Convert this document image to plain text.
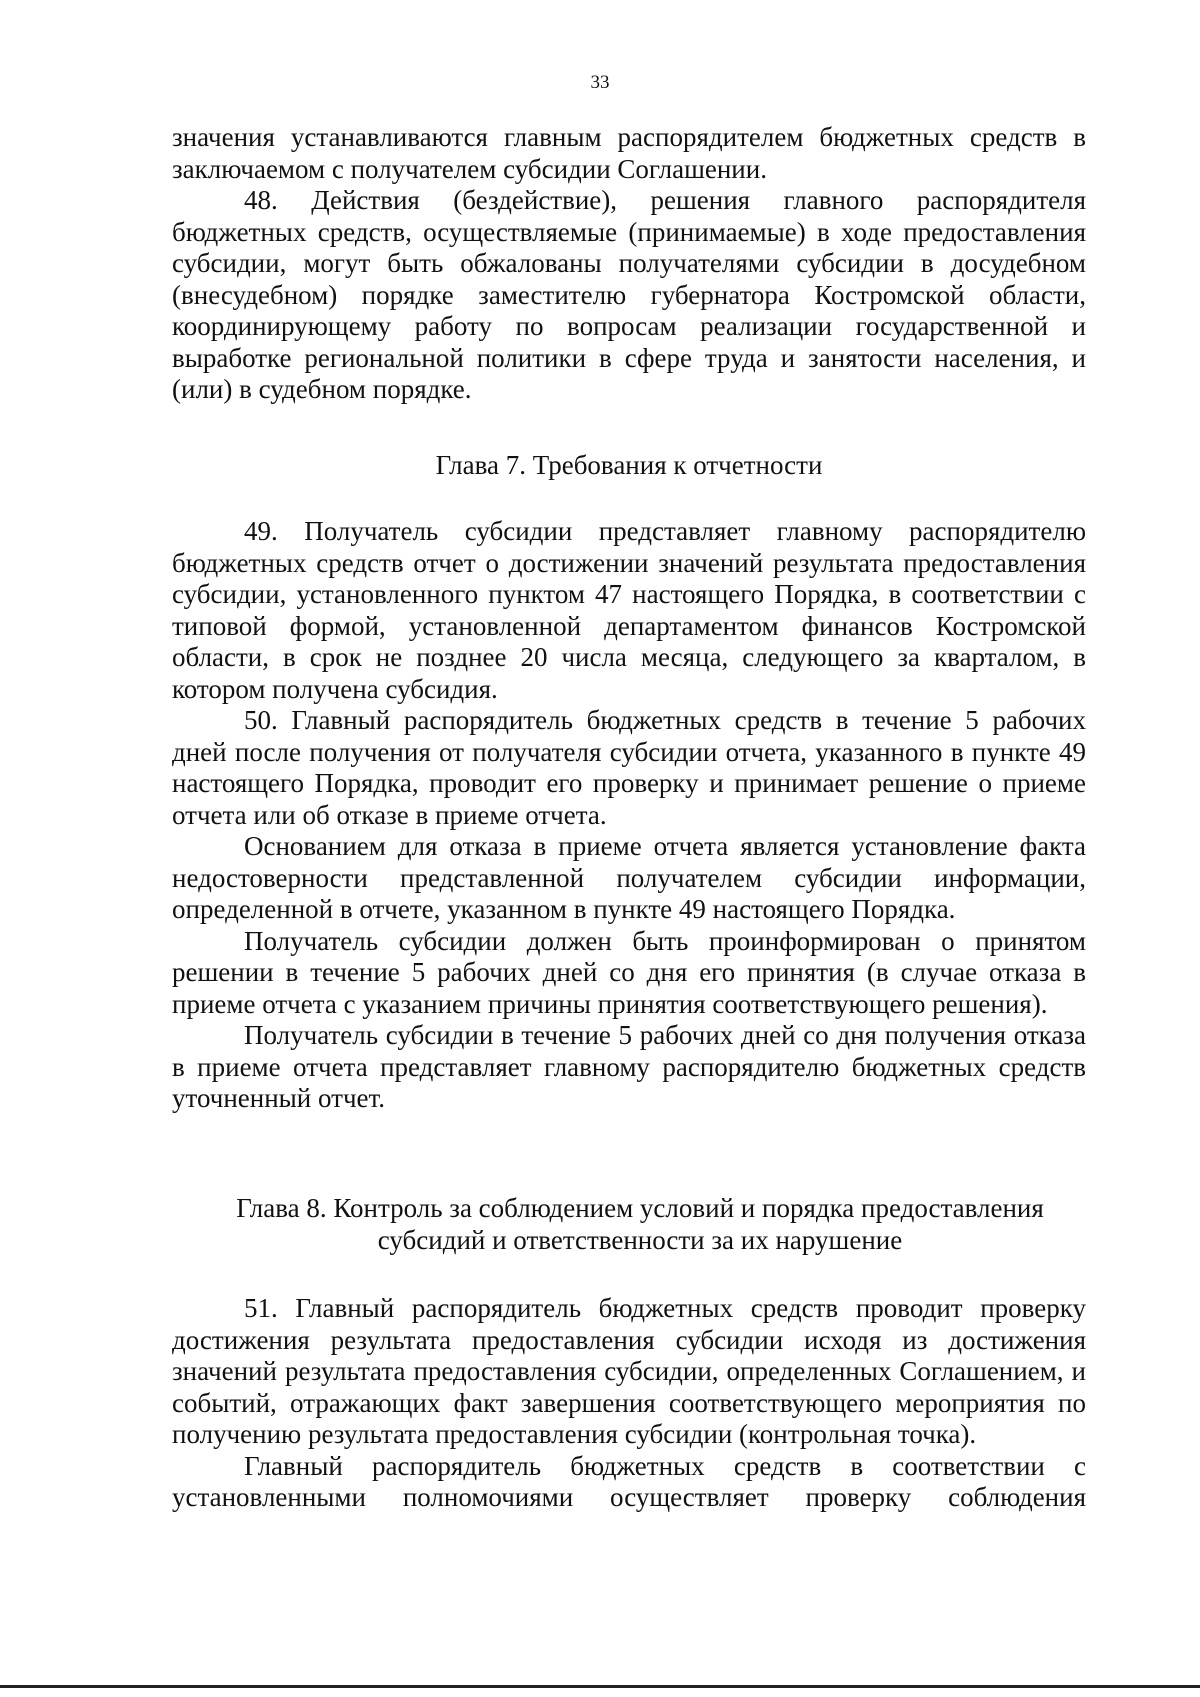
33

значения устанавливаются главным распорядителем бюджетных средств в заключаемом с получателем субсидии Соглашении.

48. Действия (бездействие), решения главного распорядителя бюджетных средств, осуществляемые (принимаемые) в ходе предоставления субсидии, могут быть обжалованы получателями субсидии в досудебном (внесудебном) порядке заместителю губернатора Костромской области, координирующему работу по вопросам реализации государственной и выработке региональной политики в сфере труда и занятости населения, и (или) в судебном порядке.

Глава 7. Требования к отчетности

49. Получатель субсидии представляет главному распорядителю бюджетных средств отчет о достижении значений результата предоставления субсидии, установленного пунктом 47 настоящего Порядка, в соответствии с типовой формой, установленной департаментом финансов Костромской области, в срок не позднее 20 числа месяца, следующего за кварталом, в котором получена субсидия.

50. Главный распорядитель бюджетных средств в течение 5 рабочих дней после получения от получателя субсидии отчета, указанного в пункте 49 настоящего Порядка, проводит его проверку и принимает решение о приеме отчета или об отказе в приеме отчета.

Основанием для отказа в приеме отчета является установление факта недостоверности представленной получателем субсидии информации, определенной в отчете, указанном в пункте 49 настоящего Порядка.

Получатель субсидии должен быть проинформирован о принятом решении в течение 5 рабочих дней со дня его принятия (в случае отказа в приеме отчета с указанием причины принятия соответствующего решения).

Получатель субсидии в течение 5 рабочих дней со дня получения отказа в приеме отчета представляет главному распорядителю бюджетных средств уточненный отчет.

Глава 8. Контроль за соблюдением условий и порядка предоставления

субсидий и ответственности за их нарушение

51. Главный распорядитель бюджетных средств проводит проверку достижения результата предоставления субсидии исходя из достижения значений результата предоставления субсидии, определенных Соглашением, и событий, отражающих факт завершения соответствующего мероприятия по получению результата предоставления субсидии (контрольная точка).

Главный распорядитель бюджетных средств в соответствии с установленными полномочиями осуществляет проверку соблюдения
